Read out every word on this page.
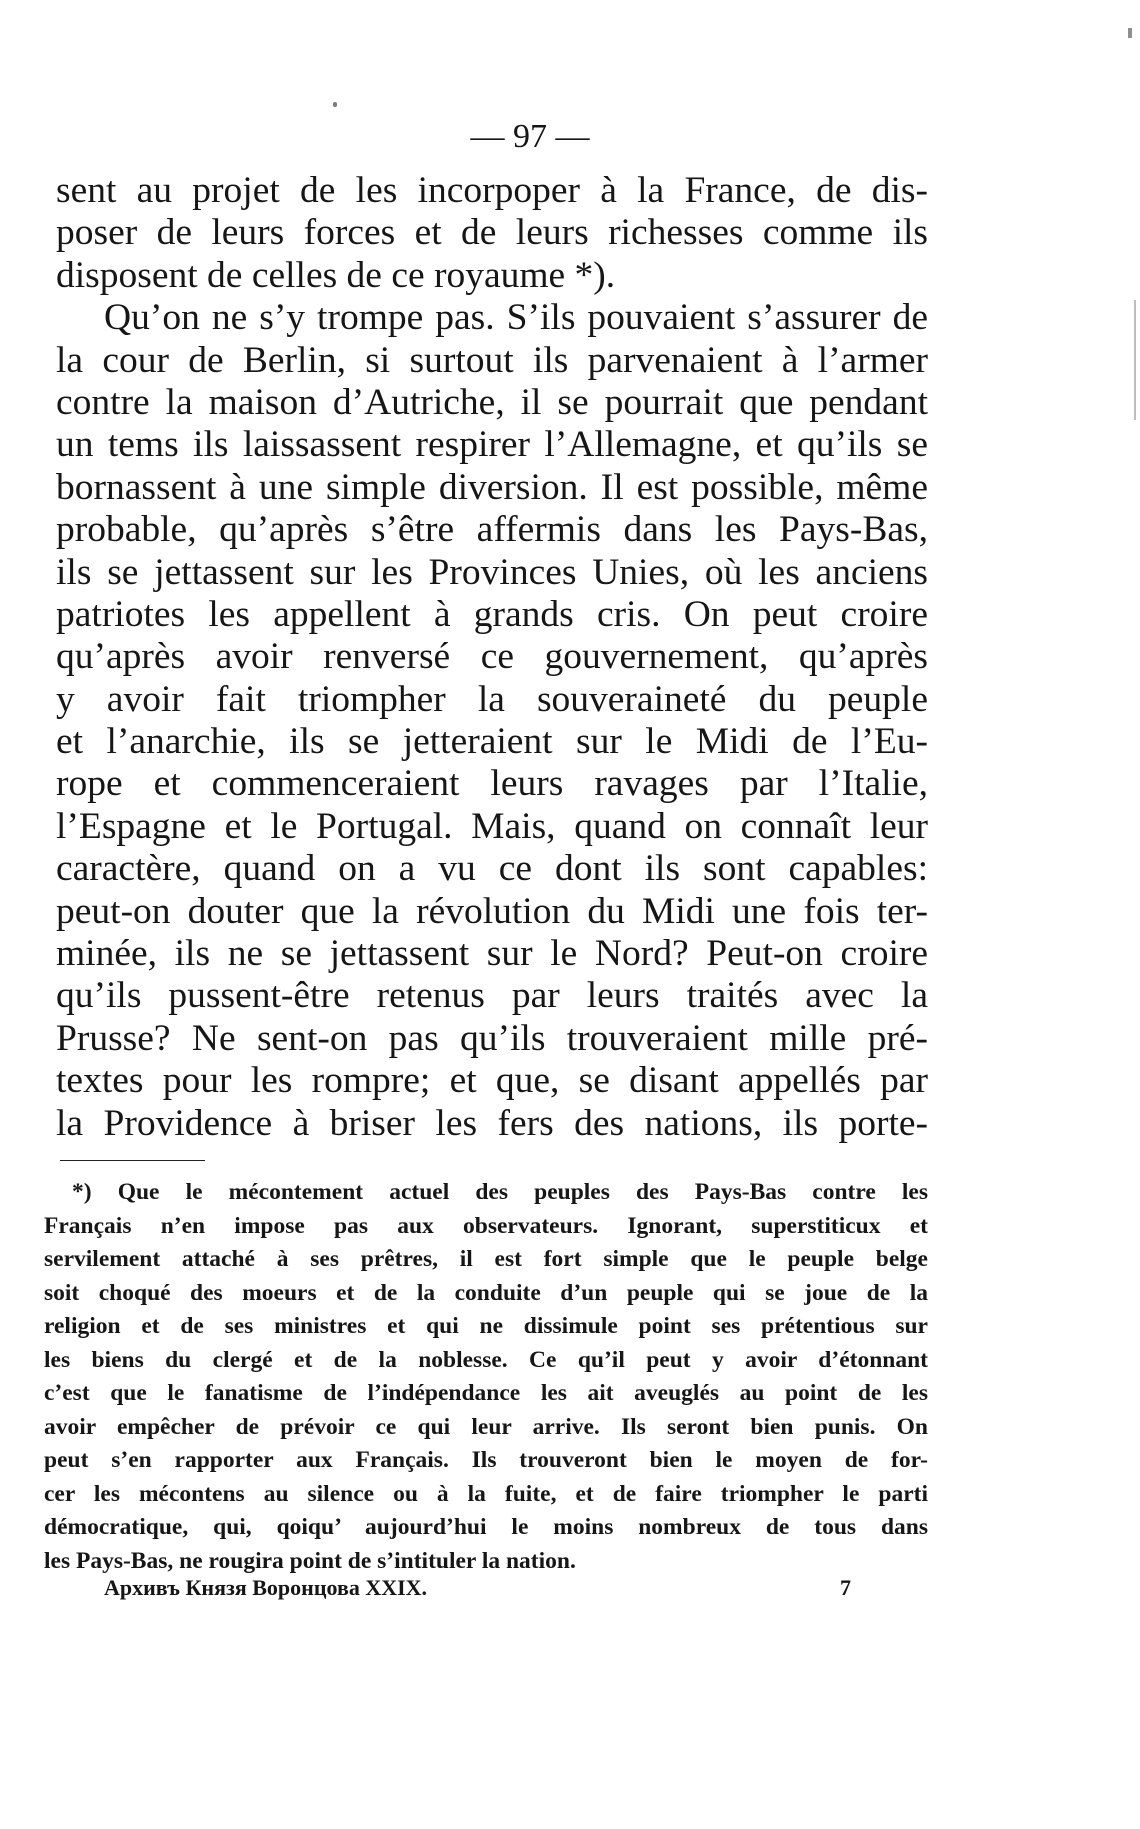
— 97 —
sent au projet de les incorpoper à la France, de dis-
poser de leurs forces et de leurs richesses comme ils
disposent de celles de ce royaume *).
Qu’on ne s’y trompe pas. S’ils pouvaient s’assurer de
la cour de Berlin, si surtout ils parvenaient à l’armer
contre la maison d’Autriche, il se pourrait que pendant
un tems ils laissassent respirer l’Allemagne, et qu’ils se
bornassent à une simple diversion. Il est possible, même
probable, qu’après s’être affermis dans les Pays-Bas,
ils se jettassent sur les Provinces Unies, où les anciens
patriotes les appellent à grands cris. On peut croire
qu’après avoir renversé ce gouvernement, qu’après
y avoir fait triompher la souveraineté du peuple
et l’anarchie, ils se jetteraient sur le Midi de l’Eu-
rope et commenceraient leurs ravages par l’Italie,
l’Espagne et le Portugal. Mais, quand on connaît leur
caractère, quand on a vu ce dont ils sont capables:
peut-on douter que la révolution du Midi une fois ter-
minée, ils ne se jettassent sur le Nord? Peut-on croire
qu’ils pussent-être retenus par leurs traités avec la
Prusse? Ne sent-on pas qu’ils trouveraient mille pré-
textes pour les rompre; et que, se disant appellés par
la Providence à briser les fers des nations, ils porte-
*) Que le mécontement actuel des peuples des Pays-Bas contre les
Français n’en impose pas aux observateurs. Ignorant, superstiticux et
servilement attaché à ses prêtres, il est fort simple que le peuple belge
soit choqué des moeurs et de la conduite d’un peuple qui se joue de la
religion et de ses ministres et qui ne dissimule point ses prétentious sur
les biens du clergé et de la noblesse. Ce qu’il peut y avoir d’étonnant
c’est que le fanatisme de l’indépendance les ait aveuglés au point de les
avoir empêcher de prévoir ce qui leur arrive. Ils seront bien punis. On
peut s’en rapporter aux Français. Ils trouveront bien le moyen de for-
cer les mécontens au silence ou à la fuite, et de faire triompher le parti
démocratique, qui, qoiqu’ aujourd’hui le moins nombreux de tous dans
les Pays-Bas, ne rougira point de s’intituler la nation.
Архивъ Князя Воронцова XXIX.	7
